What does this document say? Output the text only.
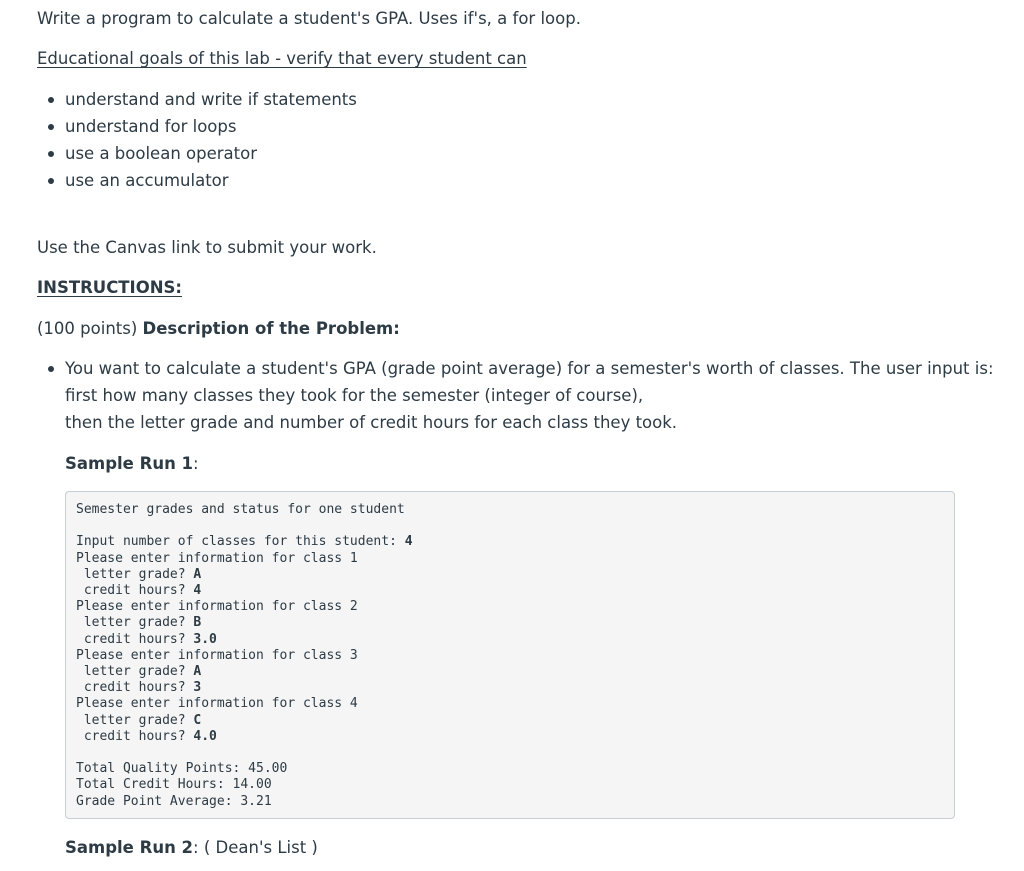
Write a program to calculate a student's GPA. Uses if's, a for loop.

Educational goals of this lab - verify that every student can

understand and write if statements
understand for loops
use a boolean operator
use an accumulator

Use the Canvas link to submit your work.

INSTRUCTIONS:

(100 points) Description of the Problem:

You want to calculate a student's GPA (grade point average) for a semester's worth of classes. The user input is:
first how many classes they took for the semester (integer of course),
then the letter grade and number of credit hours for each class they took.

Sample Run 1:

Semester grades and status for one student

Input number of classes for this student: 4
Please enter information for class 1
letter grade? A
credit hours? 4
Please enter information for class 2
letter grade? B
credit hours? 3.0
Please enter information for class 3
letter grade? A
credit hours? 3
Please enter information for class 4
letter grade? C
credit hours? 4.0

Total Quality Points: 45.00
Total Credit Hours: 14.00
Grade Point Average: 3.21

Sample Run 2: ( Dean's List )
